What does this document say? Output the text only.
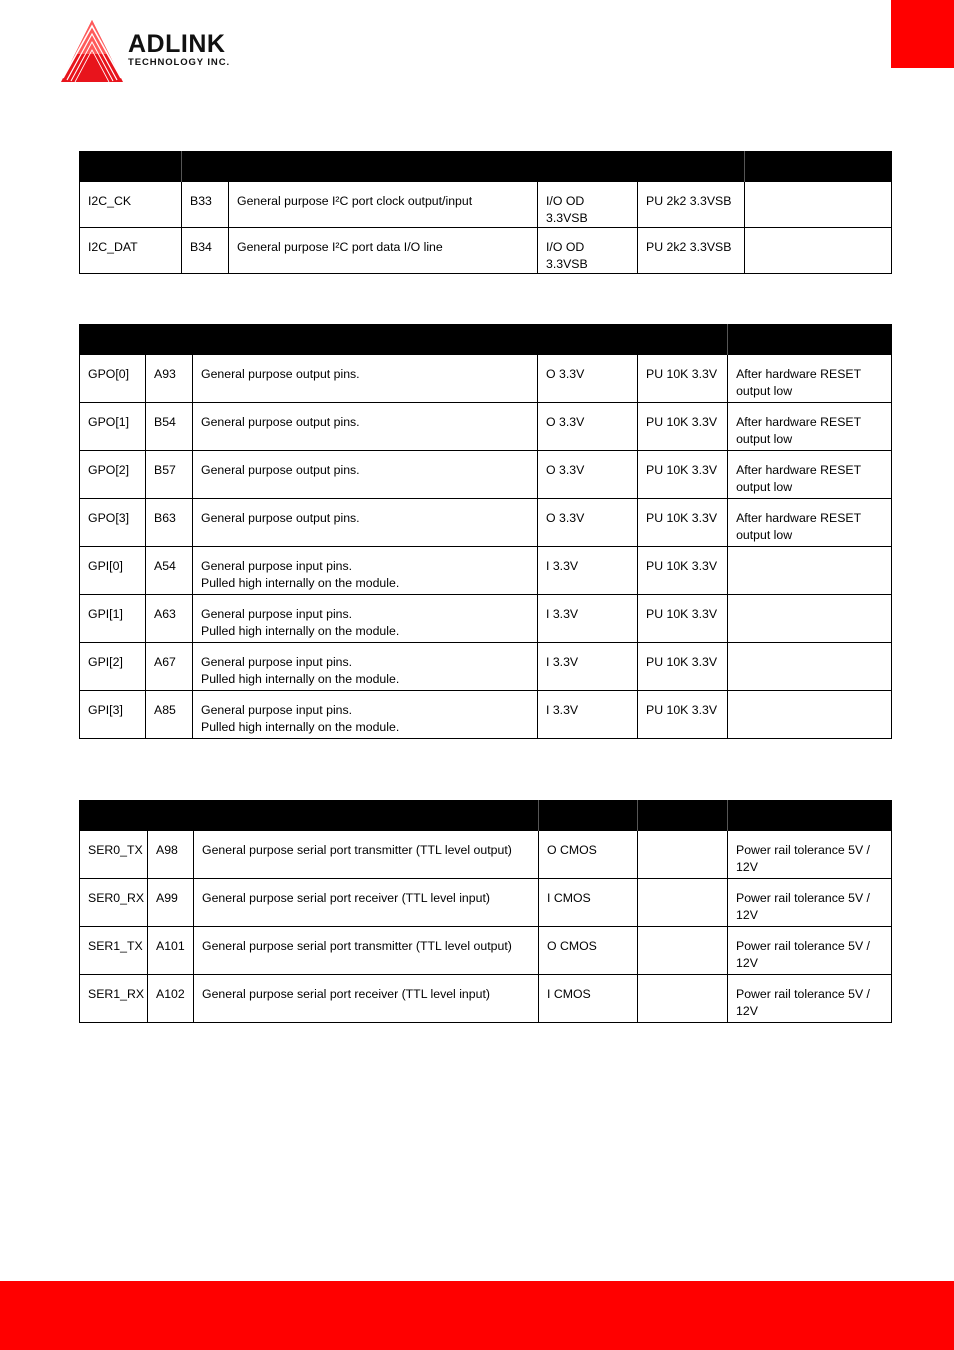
ADLINK
TECHNOLOGY INC.

I2C_CK	B33	General purpose I²C port clock output/input	I/O OD 3.3VSB	PU 2k2 3.3VSB	
I2C_DAT	B34	General purpose I²C port data I/O line	I/O OD 3.3VSB	PU 2k2 3.3VSB	

GPO[0]	A93	General purpose output pins.	O 3.3V	PU 10K 3.3V	After hardware RESET
output low

GPO[1]	B54	General purpose output pins.	O 3.3V	PU 10K 3.3V	After hardware RESET
output low

GPO[2]	B57	General purpose output pins.	O 3.3V	PU 10K 3.3V	After hardware RESET
output low

GPO[3]	B63	General purpose output pins.	O 3.3V	PU 10K 3.3V	After hardware RESET
output low

GPI[0]	A54	General purpose input pins.
Pulled high internally on the module.	I 3.3V	PU 10K 3.3V	

GPI[1]	A63	General purpose input pins.
Pulled high internally on the module.	I 3.3V	PU 10K 3.3V	

GPI[2]	A67	General purpose input pins.
Pulled high internally on the module.	I 3.3V	PU 10K 3.3V	

GPI[3]	A85	General purpose input pins.
Pulled high internally on the module.	I 3.3V	PU 10K 3.3V	

SER0_TX	A98	General purpose serial port transmitter (TTL level output)	O CMOS		Power rail tolerance 5V /
12V

SER0_RX	A99	General purpose serial port receiver (TTL level input)	I CMOS		Power rail tolerance 5V /
12V

SER1_TX	A101	General purpose serial port transmitter (TTL level output)	O CMOS		Power rail tolerance 5V /
12V

SER1_RX	A102	General purpose serial port receiver (TTL level input)	I CMOS		Power rail tolerance 5V /
12V
